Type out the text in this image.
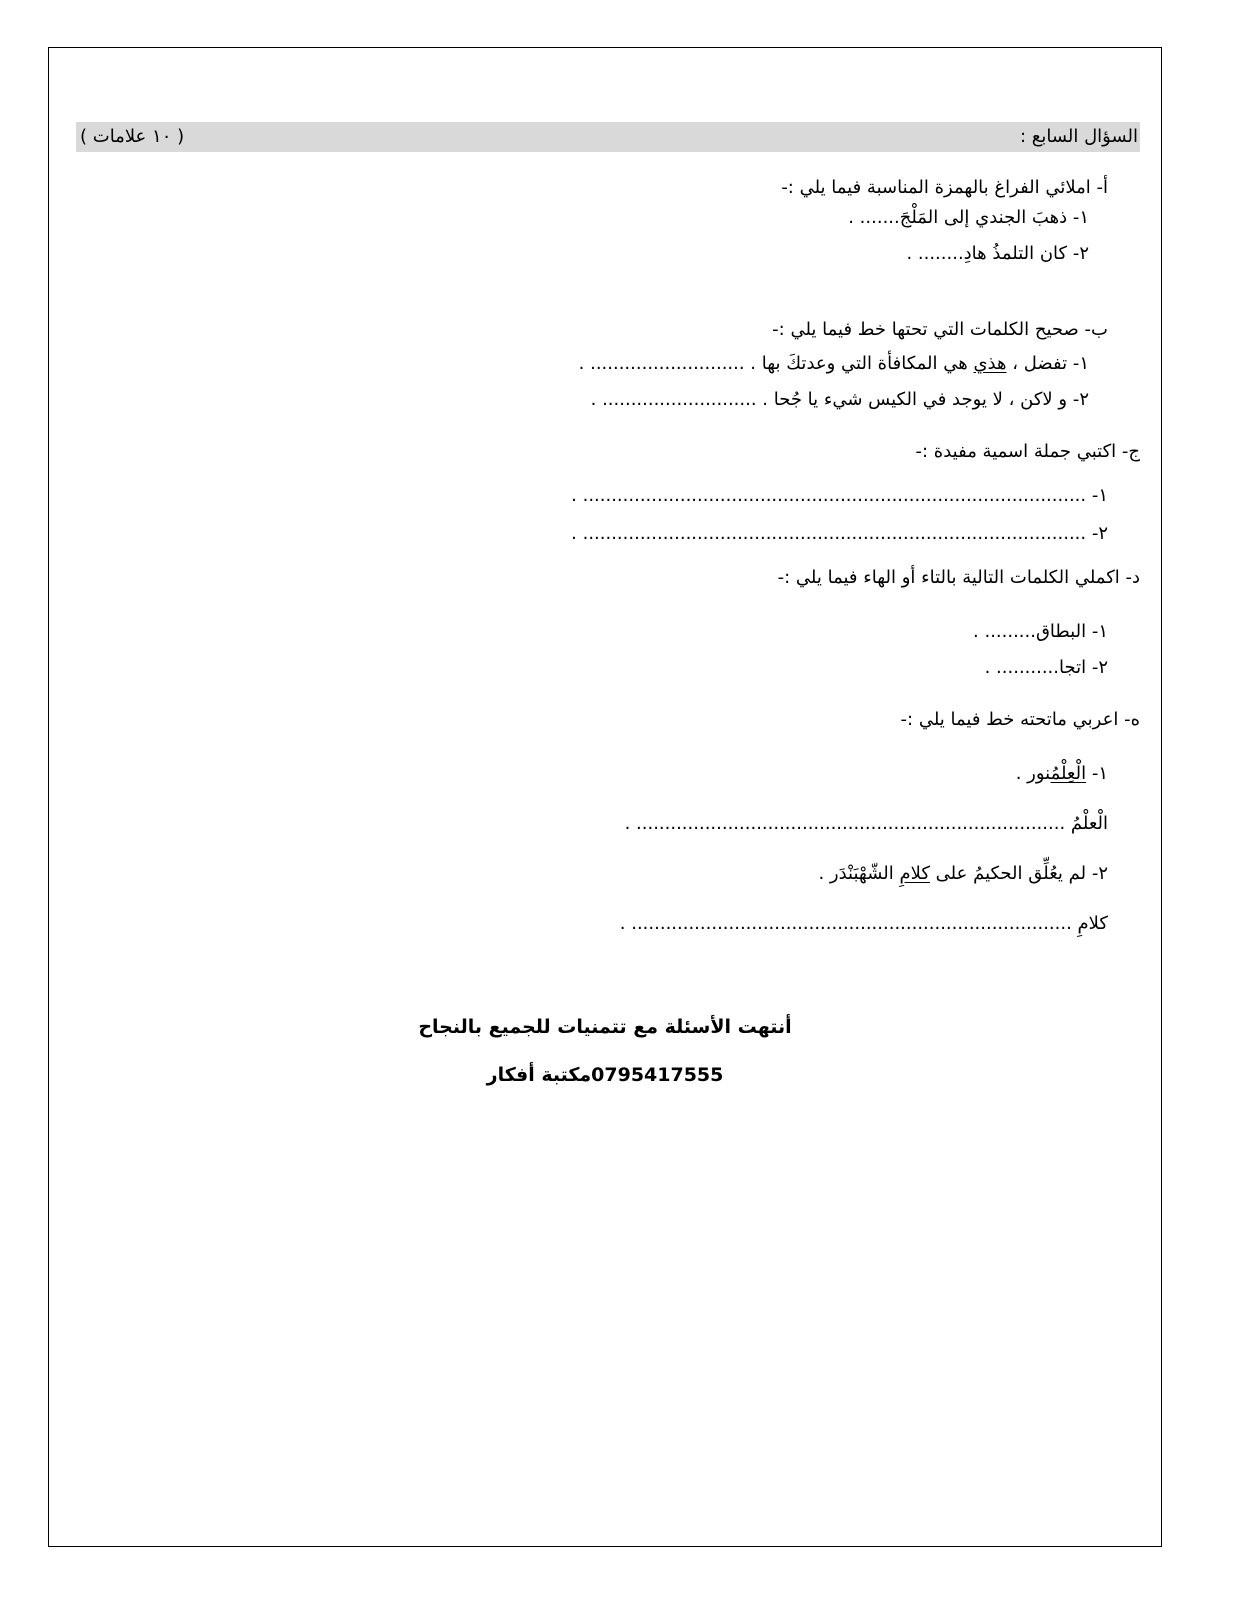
السؤال السابع :
( ١٠ علامات )
أ- املائي الفراغ بالهمزة المناسبة فيما يلي :-
١- ذهبَ الجندي إلى المَلْجَ....... .
٢- كان التلمذُ هادِ........ .
ب- صحيح الكلمات التي تحتها خط فيما يلي :-
١- تفضل ، هذي هي المكافأة التي وعدتكَ بها . ........................... .
٢- و لاكن ، لا يوجد في الكيس شيء يا جُحا . ........................... .
ج- اكتبي جملة اسمية مفيدة :-
١- ........................................................................................ .
٢- ........................................................................................ .
د- اكملي الكلمات التالية بالتاء أو الهاء فيما يلي :-
١- البطاق......... .
٢- اتجا........... .
ه- اعربي ماتحته خط فيما يلي :-
١- الْعِلْمُنور .
الْعلْمُ ........................................................................... .
٢- لم يعُلِّق الحكيمُ على كلامِ الشّهْبَنْدَر .
كلامِ ............................................................................. .
أنتهت الأسئلة مع تتمنيات للجميع بالنجاح
0795417555مكتبة أفكار
